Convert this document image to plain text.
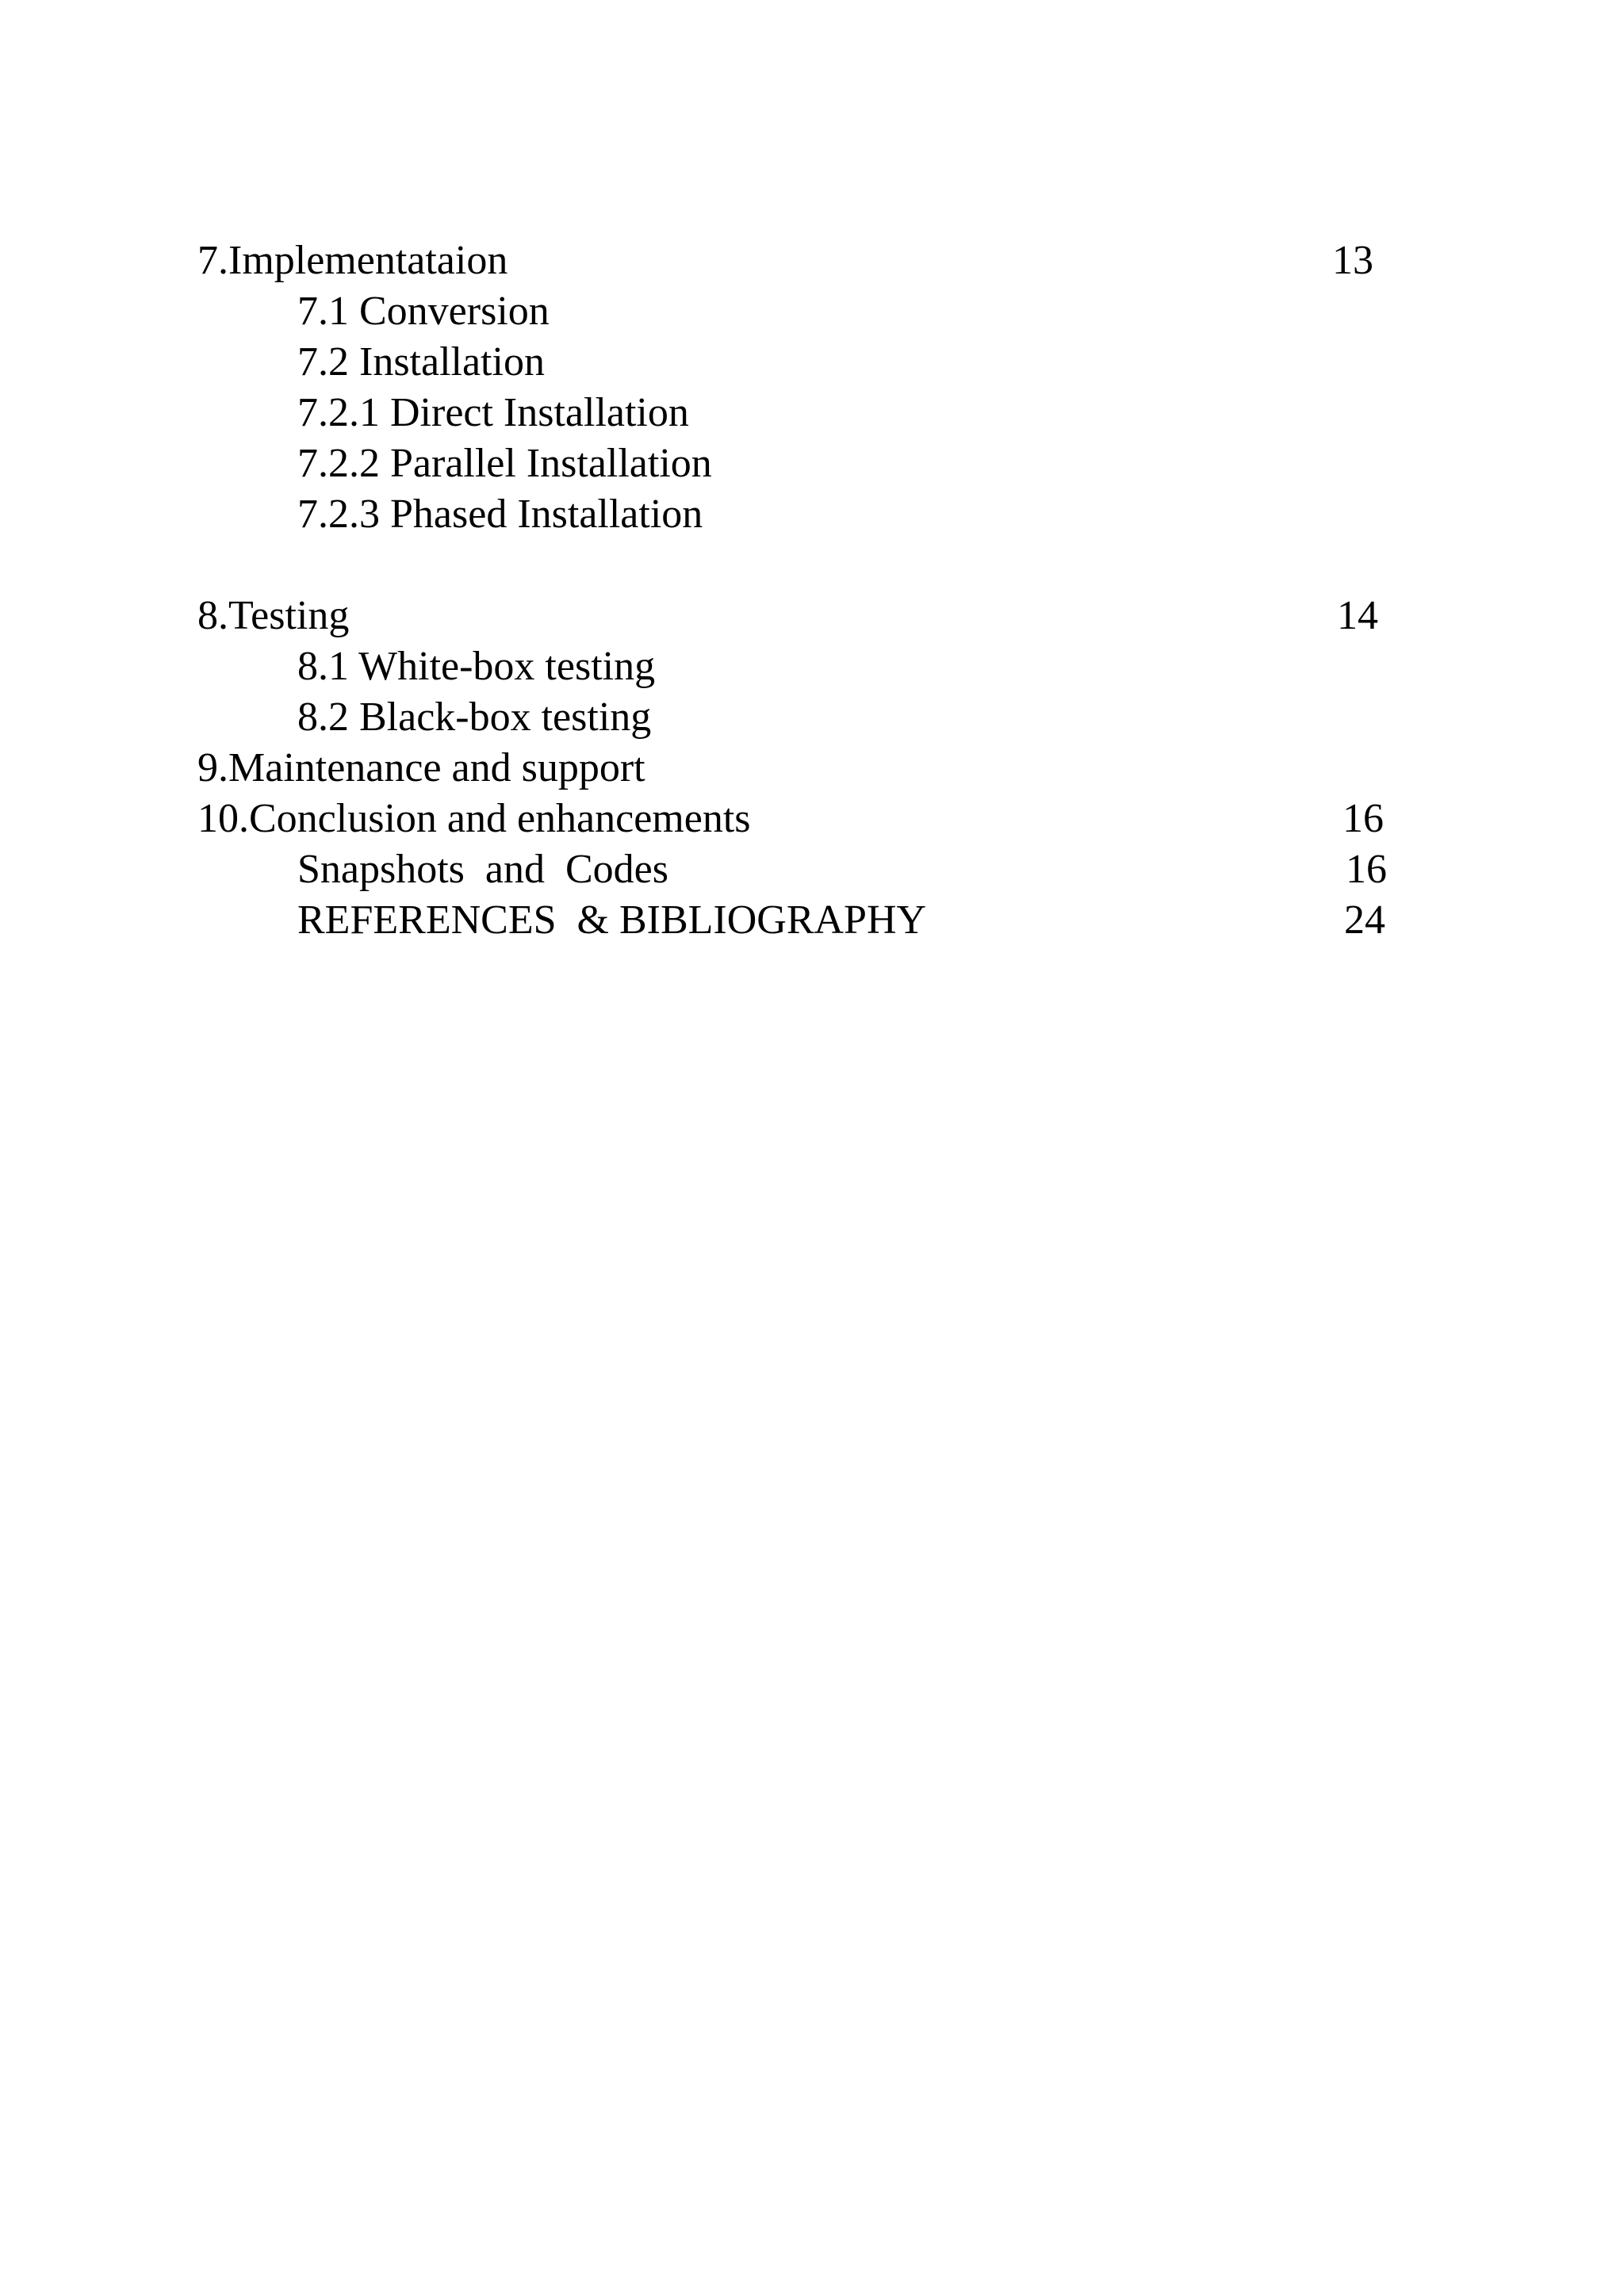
7.Implementataion	13
7.1 Conversion
7.2 Installation
7.2.1 Direct Installation
7.2.2 Parallel Installation
7.2.3 Phased Installation
8.Testing	14
8.1 White-box testing
8.2 Black-box testing
9.Maintenance and support
10.Conclusion and enhancements	16
Snapshots  and  Codes	16
REFERENCES  & BIBLIOGRAPHY	24
